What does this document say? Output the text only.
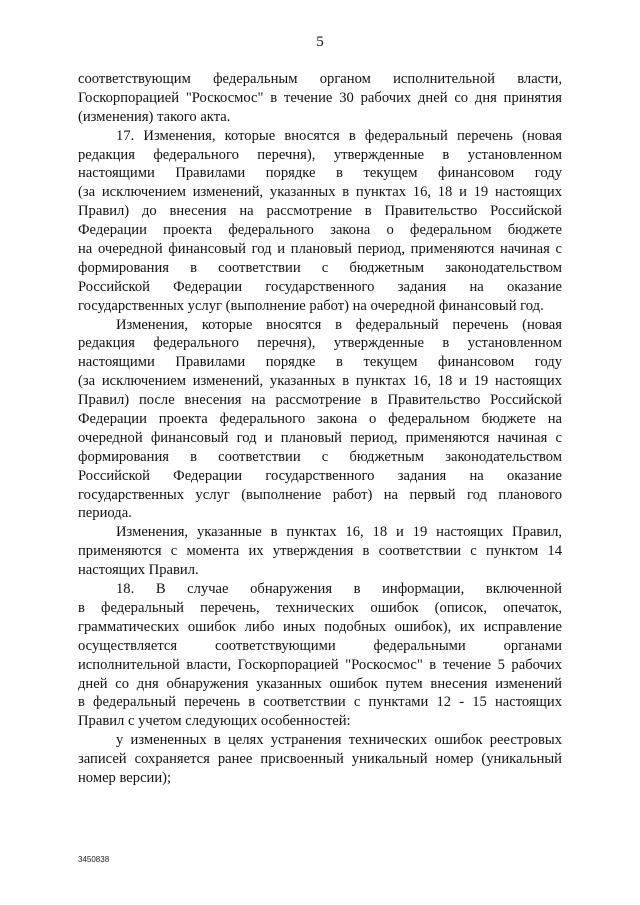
5
соответствующим федеральным органом исполнительной власти,
Госкорпорацией "Роскосмос" в течение 30 рабочих дней со дня принятия
(изменения) такого акта.
17. Изменения, которые вносятся в федеральный перечень (новая
редакция федерального перечня), утвержденные в установленном
настоящими Правилами порядке в текущем финансовом году
(за исключением изменений, указанных в пунктах 16, 18 и 19 настоящих
Правил) до внесения на рассмотрение в Правительство Российской
Федерации проекта федерального закона о федеральном бюджете
на очередной финансовый год и плановый период, применяются начиная с
формирования в соответствии с бюджетным законодательством
Российской Федерации государственного задания на оказание
государственных услуг (выполнение работ) на очередной финансовый год.
Изменения, которые вносятся в федеральный перечень (новая
редакция федерального перечня), утвержденные в установленном
настоящими Правилами порядке в текущем финансовом году
(за исключением изменений, указанных в пунктах 16, 18 и 19 настоящих
Правил) после внесения на рассмотрение в Правительство Российской
Федерации проекта федерального закона о федеральном бюджете на
очередной финансовый год и плановый период, применяются начиная с
формирования в соответствии с бюджетным законодательством
Российской Федерации государственного задания на оказание
государственных услуг (выполнение работ) на первый год планового
периода.
Изменения, указанные в пунктах 16, 18 и 19 настоящих Правил,
применяются с момента их утверждения в соответствии с пунктом 14
настоящих Правил.
18. В случае обнаружения в информации, включенной
в федеральный перечень, технических ошибок (описок, опечаток,
грамматических ошибок либо иных подобных ошибок), их исправление
осуществляется соответствующими федеральными органами
исполнительной власти, Госкорпорацией "Роскосмос" в течение 5 рабочих
дней со дня обнаружения указанных ошибок путем внесения изменений
в федеральный перечень в соответствии с пунктами 12 - 15 настоящих
Правил с учетом следующих особенностей:
у измененных в целях устранения технических ошибок реестровых
записей сохраняется ранее присвоенный уникальный номер (уникальный
номер версии);
3450838
